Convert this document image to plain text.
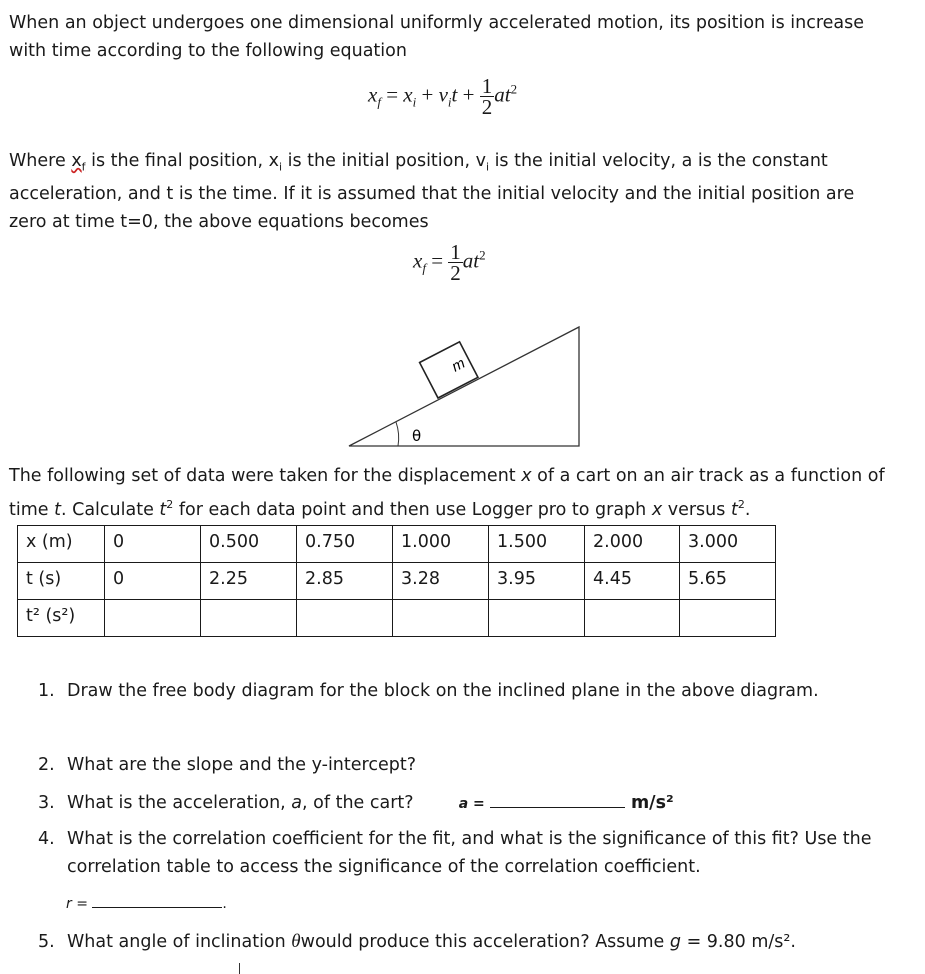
When an object undergoes one dimensional uniformly accelerated motion, its position is increase
with time according to the following equation
$x_f = x_i + v_it + \frac{1}{2} at^2$
Where $x_f$ is the final position, $x_i$ is the initial position, $v_i$ is the initial velocity, a is the constant
acceleration, and t is the time. If it is assumed that the initial velocity and the initial position are
zero at time t=0, the above equations becomes
$x_f = \frac{1}{2} at^2$
m
θ
The following set of data were taken for the displacement x of a cart on an air track as a function of
time t. Calculate $t^2$ for each data point and then use Logger pro to graph x versus $t^2$.
x (m)	0	0.500	0.750	1.000	1.500	2.000	3.000
t (s)	0	2.25	2.85	3.28	3.95	4.45	5.65
t² (s²)							
1. Draw the free body diagram for the block on the inclined plane in the above diagram.
2. What are the slope and the y-intercept?
3. What is the acceleration, a, of the cart?	a =	m/s²
4. What is the correlation coefficient for the fit, and what is the significance of this fit? Use the
correlation table to access the significance of the correlation coefficient.
r =	.
5. What angle of inclination θwould produce this acceleration? Assume g = 9.80 m/s².
